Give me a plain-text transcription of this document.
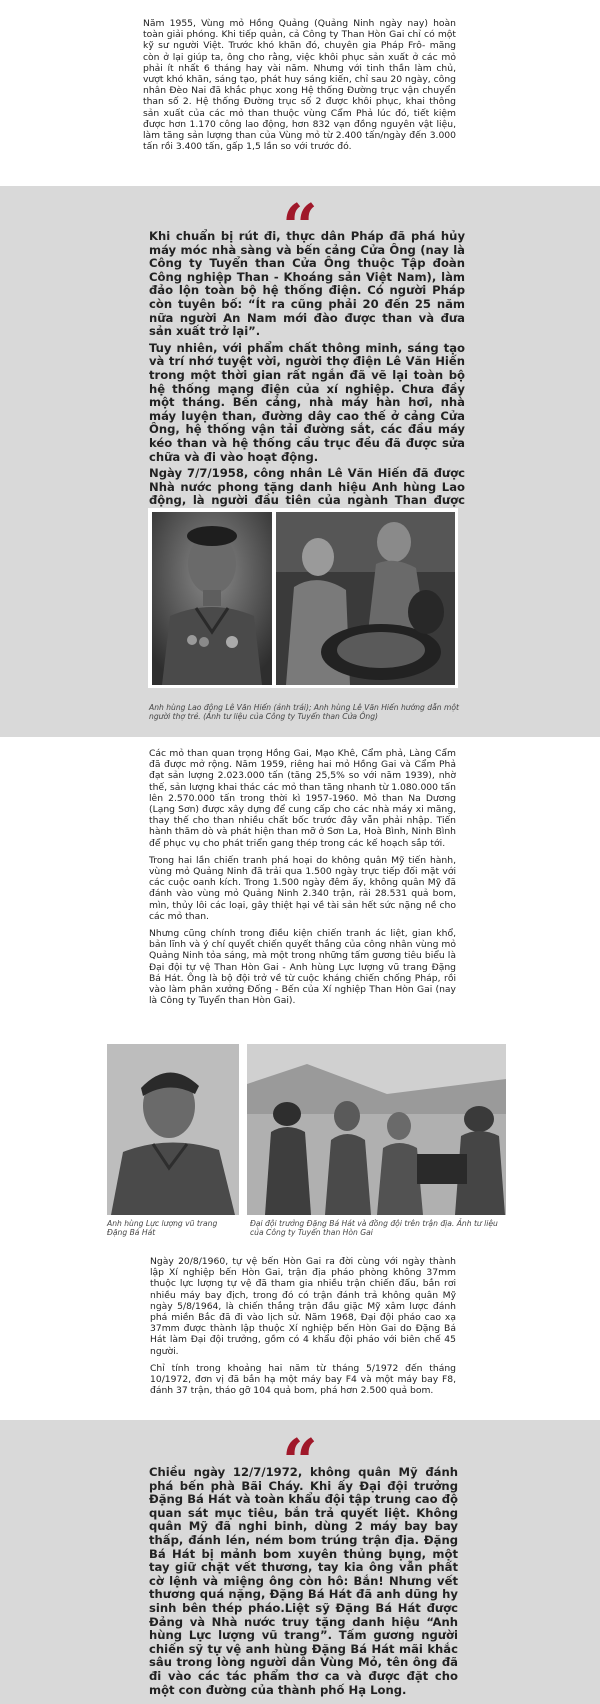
Năm 1955, Vùng mỏ Hồng Quảng (Quảng Ninh ngày nay) hoàn toàn giải phóng. Khi tiếp quản, cả Công ty Than Hòn Gai chỉ có một kỹ sư người Việt. Trước khó khăn đó, chuyên gia Pháp Frô- măng còn ở lại giúp ta, ông cho rằng, việc khôi phục sản xuất ở các mỏ phải ít nhất 6 tháng hay vài năm. Nhưng với tinh thần làm chủ, vượt khó khăn, sáng tạo, phát huy sáng kiến, chỉ sau 20 ngày, công nhân Đèo Nai đã khắc phục xong Hệ thống Đường trục vận chuyển than số 2. Hệ thống Đường trục số 2 được khôi phục, khai thông sản xuất của các mỏ than thuộc vùng Cẩm Phả lúc đó, tiết kiệm được hơn 1.170 công lao động, hơn 832 vạn đồng nguyên vật liệu, làm tăng sản lượng than của Vùng mỏ từ 2.400 tấn/ngày đến 3.000 tấn rồi 3.400 tấn, gấp 1,5 lần so với trước đó.

“

Khi chuẩn bị rút đi, thực dân Pháp đã phá hủy máy móc nhà sàng và bến cảng Cửa Ông (nay là Công ty Tuyển than Cửa Ông thuộc Tập đoàn Công nghiệp Than - Khoáng sản Việt Nam), làm đảo lộn toàn bộ hệ thống điện. Có người Pháp còn tuyên bố: “Ít ra cũng phải 20 đến 25 năm nữa người An Nam mới đào được than và đưa sản xuất trở lại”.

Tuy nhiên, với phẩm chất thông minh, sáng tạo và trí nhớ tuyệt vời, người thợ điện Lê Văn Hiến trong một thời gian rất ngắn đã vẽ lại toàn bộ hệ thống mạng điện của xí nghiệp. Chưa đầy một tháng. Bến cảng, nhà máy hàn hơi, nhà máy luyện than, đường dây cao thế ở cảng Cửa Ông, hệ thống vận tải đường sắt, các đầu máy kéo than và hệ thống cầu trục đều đã được sửa chữa và đi vào hoạt động.

Ngày 7/7/1958, công nhân Lê Văn Hiến đã được Nhà nước phong tặng danh hiệu Anh hùng Lao động, là người đầu tiên của ngành Than được

Anh hùng Lao động Lê Văn Hiến (ảnh trái); Anh hùng Lê Văn Hiến hướng dẫn một người thợ trẻ. (Ảnh tư liệu của Công ty Tuyển than Cửa Ông)

Các mỏ than quan trọng Hồng Gai, Mạo Khê, Cẩm phả, Làng Cẩm đã được mở rộng. Năm 1959, riêng hai mỏ Hồng Gai và Cẩm Phả đạt sản lượng 2.023.000 tấn (tăng 25,5% so với năm 1939), nhờ thế, sản lượng khai thác các mỏ than tăng nhanh từ 1.080.000 tấn lên 2.570.000 tấn trong thời kì 1957-1960. Mỏ than Na Dương (Lạng Sơn) được xây dựng để cung cấp cho các nhà máy xi măng, thay thế cho than nhiều chất bốc trước đây vẫn phải nhập. Tiến hành thăm dò và phát hiện than mỡ ở Sơn La, Hoà Bình, Ninh Bình để phục vụ cho phát triển gang thép trong các kế hoạch sắp tới.

Trong hai lần chiến tranh phá hoại do không quân Mỹ tiến hành, vùng mỏ Quảng Ninh đã trải qua 1.500 ngày trực tiếp đối mặt với các cuộc oanh kích. Trong 1.500 ngày đêm ấy, không quân Mỹ đã đánh vào vùng mỏ Quảng Ninh 2.340 trận, rải 28.531 quả bom, mìn, thủy lôi các loại, gây thiệt hại về tài sản hết sức nặng nề cho các mỏ than.

Nhưng cũng chính trong điều kiện chiến tranh ác liệt, gian khổ, bản lĩnh và ý chí quyết chiến quyết thắng của công nhân vùng mỏ Quảng Ninh tỏa sáng, mà một trong những tấm gương tiêu biểu là Đại đội tự vệ Than Hòn Gai - Anh hùng Lực lượng vũ trang Đặng Bá Hát. Ông là bộ đội trở về từ cuộc kháng chiến chống Pháp, rồi vào làm phân xưởng Đống - Bến của Xí nghiệp Than Hòn Gai (nay là Công ty Tuyển than Hòn Gai).

Anh hùng Lực lượng vũ trang Đặng Bá Hát

Đại đội trưởng Đặng Bá Hát và đồng đội trên trận địa. Ảnh tư liệu của Công ty Tuyển than Hòn Gai

Ngày 20/8/1960, tự vệ bến Hòn Gai ra đời cùng với ngày thành lập Xí nghiệp bến Hòn Gai, trận địa pháo phòng không 37mm thuộc lực lượng tự vệ đã tham gia nhiều trận chiến đấu, bắn rơi nhiều máy bay địch, trong đó có trận đánh trả không quân Mỹ ngày 5/8/1964, là chiến thắng trận đầu giặc Mỹ xâm lược đánh phá miền Bắc đã đi vào lịch sử. Năm 1968, Đại đội pháo cao xạ 37mm được thành lập thuộc Xí nghiệp bến Hòn Gai do Đặng Bá Hát làm Đại đội trưởng, gồm có 4 khẩu đội pháo với biên chế 45 người.

Chỉ tính trong khoảng hai năm từ tháng 5/1972 đến tháng 10/1972, đơn vị đã bắn hạ một máy bay F4 và một máy bay F8, đánh 37 trận, tháo gỡ 104 quả bom, phá hơn 2.500 quả bom.

“

Chiều ngày 12/7/1972, không quân Mỹ đánh phá bến phà Bãi Cháy. Khi ấy Đại đội trưởng Đặng Bá Hát và toàn khẩu đội tập trung cao độ quan sát mục tiêu, bắn trả quyết liệt. Không quân Mỹ đã nghi binh, dùng 2 máy bay bay thấp, đánh lén, ném bom trúng trận địa. Đặng Bá Hát bị mảnh bom xuyên thủng bụng, một tay giữ chặt vết thương, tay kia ông vẫn phất cờ lệnh và miệng ông còn hô: Bắn! Nhưng vết thương quá nặng, Đặng Bá Hát đã anh dũng hy sinh bên thép pháo.Liệt sỹ Đặng Bá Hát được Đảng và Nhà nước truy tặng danh hiệu “Anh hùng Lực lượng vũ trang”. Tấm gương người chiến sỹ tự vệ anh hùng Đặng Bá Hát mãi khắc sâu trong lòng người dân Vùng Mỏ, tên ông đã đi vào các tác phẩm thơ ca và được đặt cho một con đường của thành phố Hạ Long.
